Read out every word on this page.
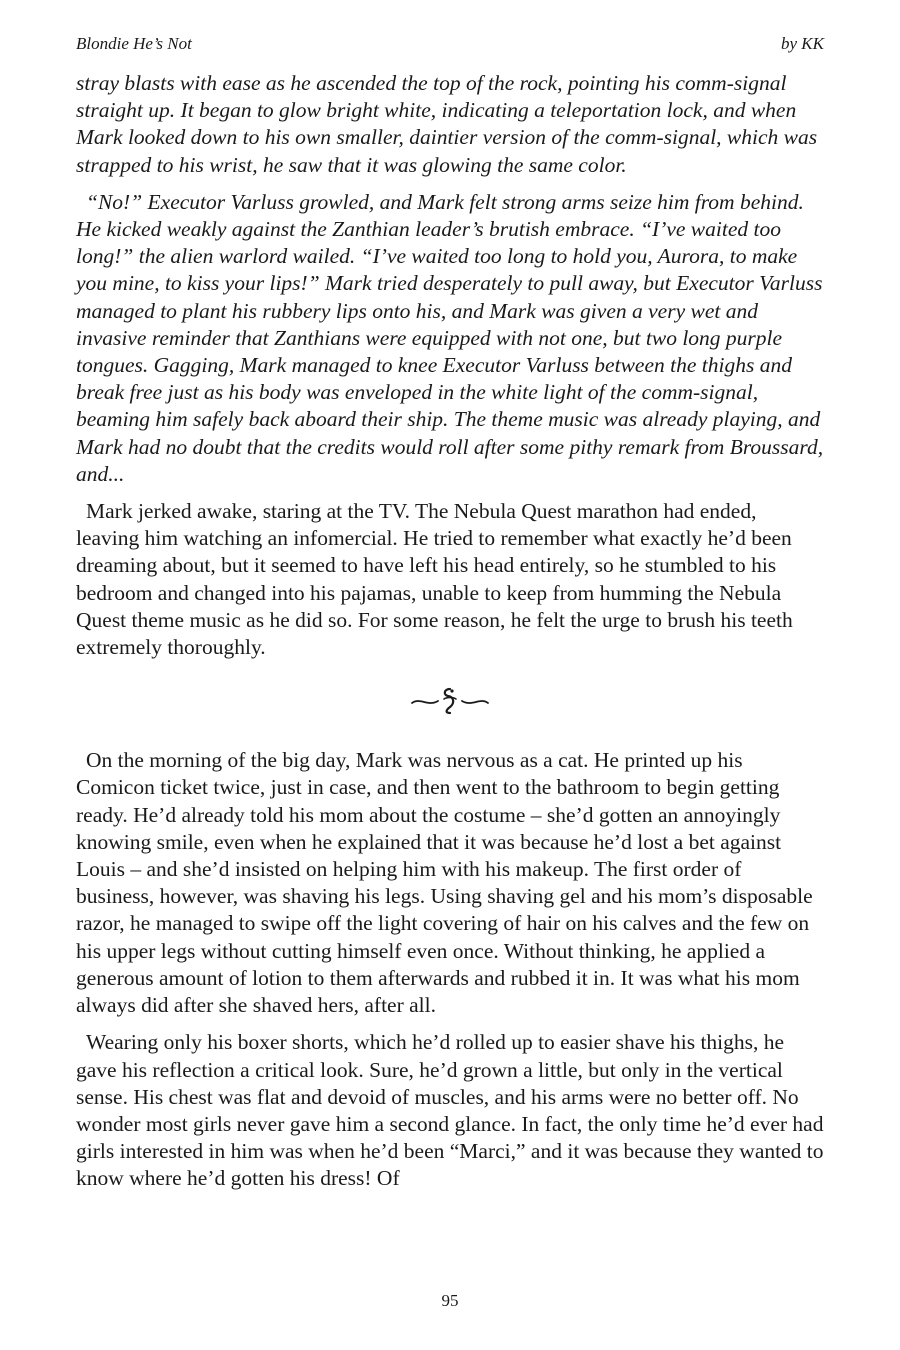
Blondie He’s Not	by KK

stray blasts with ease as he ascended the top of the rock, pointing his comm-signal straight up. It began to glow bright white, indicating a teleportation lock, and when Mark looked down to his own smaller, daintier version of the comm-signal, which was strapped to his wrist, he saw that it was glowing the same color.

“No!” Executor Varluss growled, and Mark felt strong arms seize him from behind. He kicked weakly against the Zanthian leader’s brutish embrace. “I’ve waited too long!” the alien warlord wailed. “I’ve waited too long to hold you, Aurora, to make you mine, to kiss your lips!” Mark tried desperately to pull away, but Executor Varluss managed to plant his rubbery lips onto his, and Mark was given a very wet and invasive reminder that Zanthians were equipped with not one, but two long purple tongues. Gagging, Mark managed to knee Executor Varluss between the thighs and break free just as his body was enveloped in the white light of the comm-signal, beaming him safely back aboard their ship. The theme music was already playing, and Mark had no doubt that the credits would roll after some pithy remark from Broussard, and...

Mark jerked awake, staring at the TV. The Nebula Quest marathon had ended, leaving him watching an infomercial. He tried to remember what exactly he’d been dreaming about, but it seemed to have left his head entirely, so he stumbled to his bedroom and changed into his pajamas, unable to keep from humming the Nebula Quest theme music as he did so. For some reason, he felt the urge to brush his teeth extremely thoroughly.

On the morning of the big day, Mark was nervous as a cat. He printed up his Comicon ticket twice, just in case, and then went to the bathroom to begin getting ready. He’d already told his mom about the costume – she’d gotten an annoyingly knowing smile, even when he explained that it was because he’d lost a bet against Louis – and she’d insisted on helping him with his makeup. The first order of business, however, was shaving his legs. Using shaving gel and his mom’s disposable razor, he managed to swipe off the light covering of hair on his calves and the few on his upper legs without cutting himself even once. Without thinking, he applied a generous amount of lotion to them afterwards and rubbed it in. It was what his mom always did after she shaved hers, after all.

Wearing only his boxer shorts, which he’d rolled up to easier shave his thighs, he gave his reflection a critical look. Sure, he’d grown a little, but only in the vertical sense. His chest was flat and devoid of muscles, and his arms were no better off. No wonder most girls never gave him a second glance. In fact, the only time he’d ever had girls interested in him was when he’d been “Marci,” and it was because they wanted to know where he’d gotten his dress! Of

95
